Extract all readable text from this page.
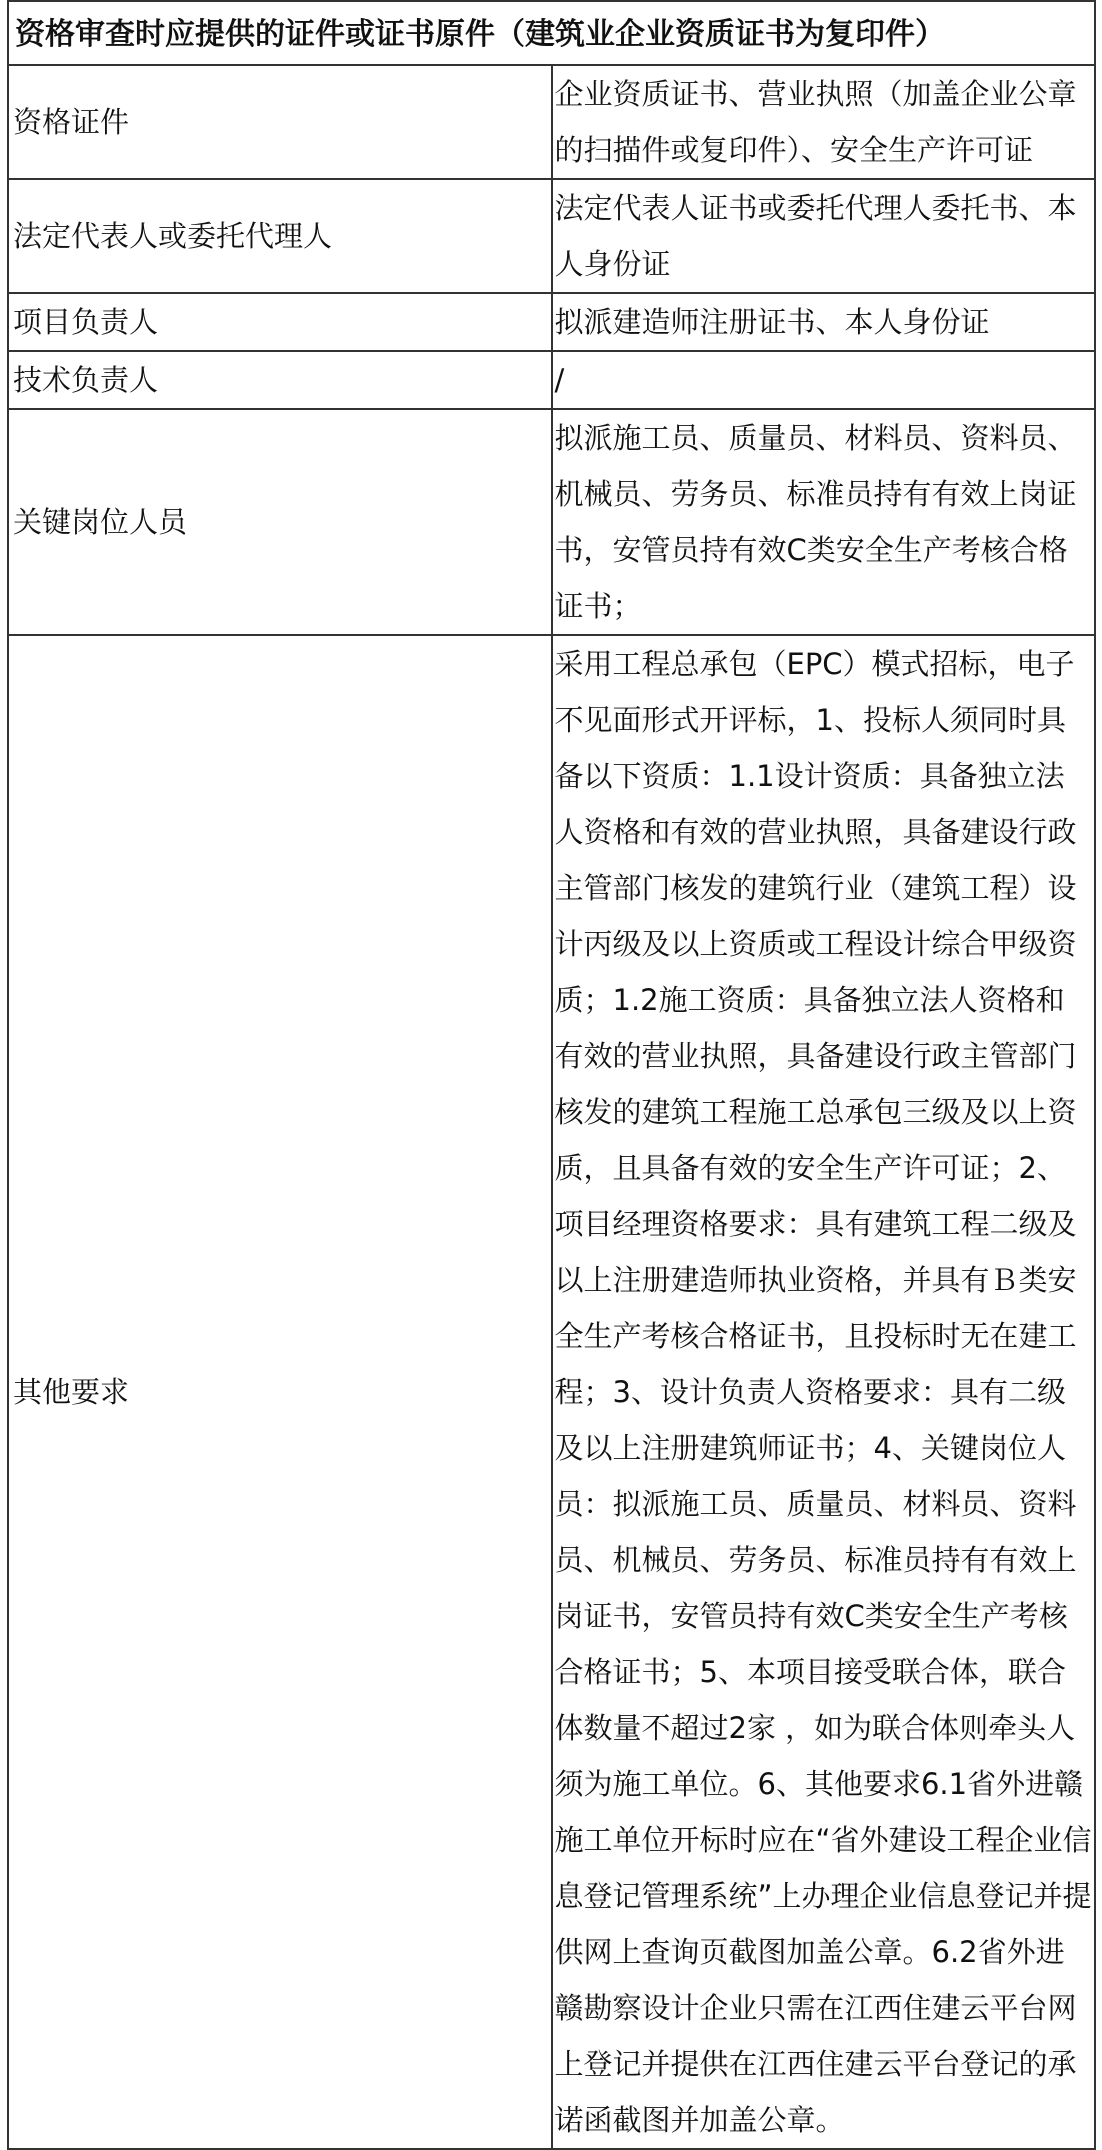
资格审查时应提供的证件或证书原件（建筑业企业资质证书为复印件）	
资格证件	企业资质证书、营业执照（加盖企业公章的扫描件或复印件）、安全生产许可证
法定代表人或委托代理人	法定代表人证书或委托代理人委托书、本人身份证
项目负责人	拟派建造师注册证书、本人身份证
技术负责人	/
关键岗位人员	拟派施工员、质量员、材料员、资料员、机械员、劳务员、标准员持有有效上岗证书，安管员持有效C类安全生产考核合格证书；
其他要求	采用工程总承包（EPC）模式招标，电子不见面形式开评标，1、投标人须同时具备以下资质：1.1设计资质：具备独立法人资格和有效的营业执照，具备建设行政主管部门核发的建筑行业（建筑工程）设计丙级及以上资质或工程设计综合甲级资质；1.2施工资质：具备独立法人资格和有效的营业执照，具备建设行政主管部门核发的建筑工程施工总承包三级及以上资质，且具备有效的安全生产许可证；2、项目经理资格要求：具有建筑工程二级及以上注册建造师执业资格，并具有Ｂ类安全生产考核合格证书，且投标时无在建工程；3、设计负责人资格要求：具有二级及以上注册建筑师证书；4、关键岗位人员：拟派施工员、质量员、材料员、资料员、机械员、劳务员、标准员持有有效上岗证书，安管员持有效C类安全生产考核合格证书；5、本项目接受联合体，联合体数量不超过2家 ，如为联合体则牵头人须为施工单位。6、其他要求6.1省外进赣施工单位开标时应在“省外建设工程企业信息登记管理系统”上办理企业信息登记并提供网上查询页截图加盖公章。6.2省外进赣勘察设计企业只需在江西住建云平台网上登记并提供在江西住建云平台登记的承诺函截图并加盖公章。
